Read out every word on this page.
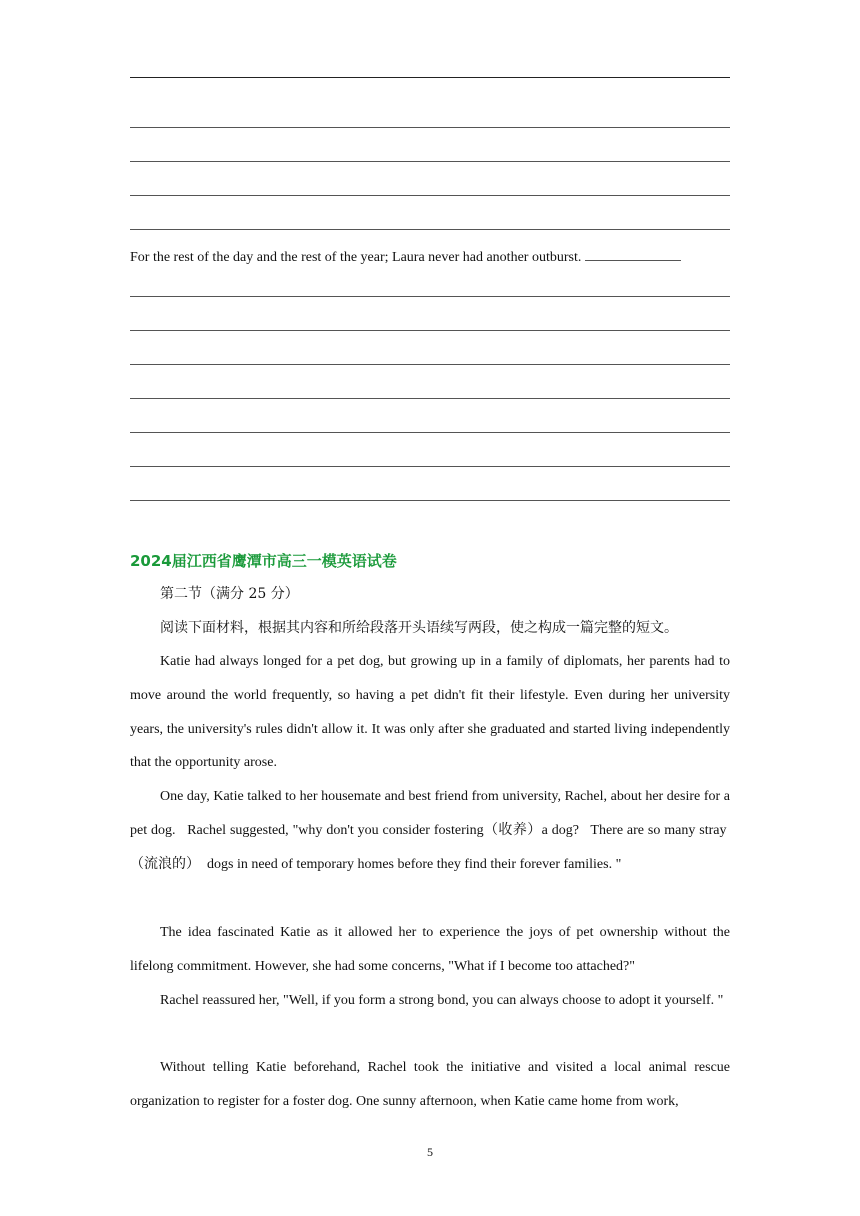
For the rest of the day and the rest of the year; Laura never had another outburst.
2024届江西省鹰潭市高三一模英语试卷
第二节（满分 25 分）
阅读下面材料，根据其内容和所给段落开头语续写两段，使之构成一篇完整的短文。

Katie had always longed for a pet dog, but growing up in a family of diplomats, her parents had to move around the world frequently, so having a pet didn't fit their lifestyle. Even during her university years, the university's rules didn't allow it. It was only after she graduated and started living independently that the opportunity arose.

One day, Katie talked to her housemate and best friend from university, Rachel, about her desire for a pet dog.   Rachel suggested, "why don't you consider fostering（收养）a dog?   There are so many stray  （流浪的）  dogs in need of temporary homes before they find their forever families. "

The idea fascinated Katie as it allowed her to experience the joys of pet ownership without the lifelong commitment. However, she had some concerns, "What if I become too attached?"

Rachel reassured her, "Well, if you form a strong bond, you can always choose to adopt it yourself. "

Without telling Katie beforehand, Rachel took the initiative and visited a local animal rescue organization to register for a foster dog. One sunny afternoon, when Katie came home from work,

5
